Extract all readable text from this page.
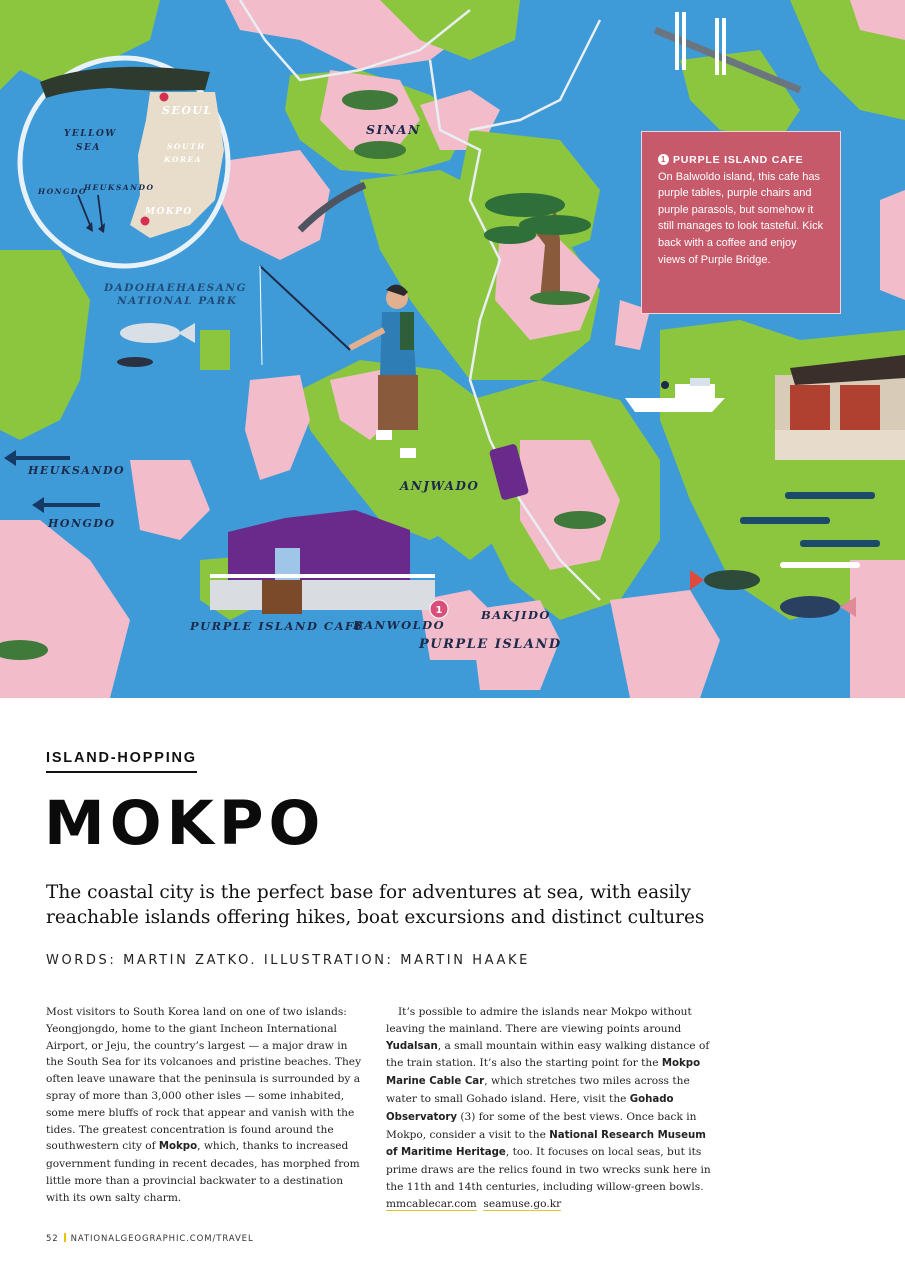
SEOUL
YELLOW
SEA	SOUTH
KOREA
HONGDO
HEUKSANDO
MOKPO
SINAN
DADOHAEHAESANG
NATIONAL PARK
HEUKSANDO
HONGDO
ANJWADO
PURPLE ISLAND CAFE
BANWOLDO
1	BAKJIDO
PURPLE ISLAND
1 PURPLE ISLAND CAFE
On Balwoldo island, this cafe has purple tables, purple chairs and purple parasols, but somehow it still manages to look tasteful. Kick back with a coffee and enjoy views of Purple Bridge.
ISLAND-HOPPING
MOKPO
The coastal city is the perfect base for adventures at sea, with easily reachable islands offering hikes, boat excursions and distinct cultures
WORDS: MARTIN ZATKO. ILLUSTRATION: MARTIN HAAKE

Most visitors to South Korea land on one of two islands: Yeongjongdo, home to the giant Incheon International Airport, or Jeju, the country’s largest — a major draw in the South Sea for its volcanoes and pristine beaches. They often leave unaware that the peninsula is surrounded by a spray of more than 3,000 other isles — some inhabited, some mere bluffs of rock that appear and vanish with the tides. The greatest concentration is found around the southwestern city of Mokpo, which, thanks to increased government funding in recent decades, has morphed from little more than a provincial backwater to a destination with its own salty charm.

It’s possible to admire the islands near Mokpo without leaving the mainland. There are viewing points around Yudalsan, a small mountain within easy walking distance of the train station. It’s also the starting point for the Mokpo Marine Cable Car, which stretches two miles across the water to small Gohado island. Here, visit the Gohado Observatory (3) for some of the best views. Once back in Mokpo, consider a visit to the National Research Museum of Maritime Heritage, too. It focuses on local seas, but its prime draws are the relics found in two wrecks sunk here in the 11th and 14th centuries, including willow-green bowls.

mmcablecar.com seamuse.go.kr
52 NATIONALGEOGRAPHIC.COM/TRAVEL
